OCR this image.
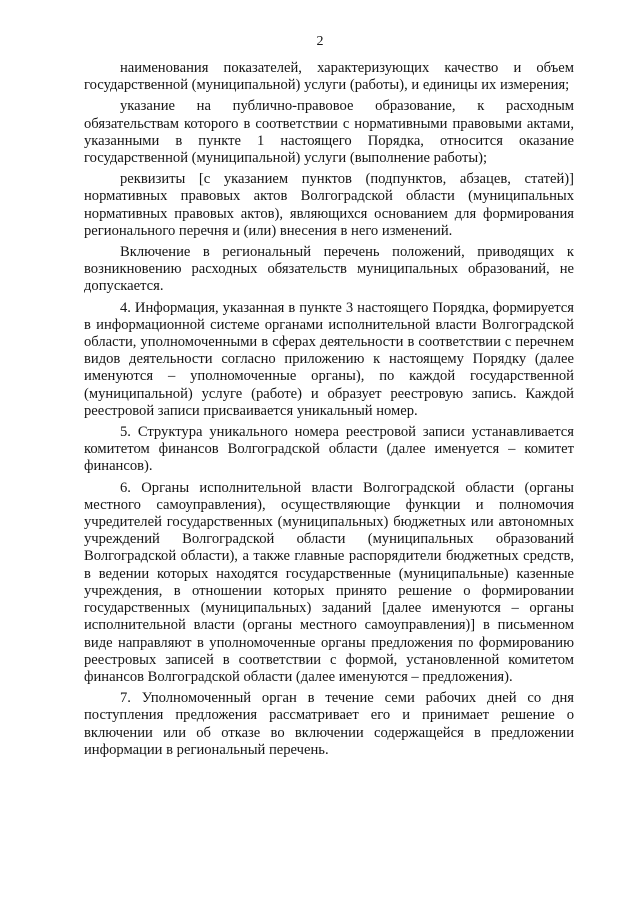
2

наименования показателей, характеризующих качество и объем государственной (муниципальной) услуги (работы), и единицы их измерения;

указание на публично-правовое образование, к расходным обязательствам которого в соответствии с нормативными правовыми актами, указанными в пункте 1 настоящего Порядка, относится оказание государственной (муниципальной) услуги (выполнение работы);

реквизиты [с указанием пунктов (подпунктов, абзацев, статей)] нормативных правовых актов Волгоградской области (муниципальных нормативных правовых актов), являющихся основанием для формирования регионального перечня и (или) внесения в него изменений.

Включение в региональный перечень положений, приводящих к возникновению расходных обязательств муниципальных образований, не допускается.

4. Информация, указанная в пункте 3 настоящего Порядка, формируется в информационной системе органами исполнительной власти Волгоградской области, уполномоченными в сферах деятельности в соответствии с перечнем видов деятельности согласно приложению к настоящему Порядку (далее именуются – уполномоченные органы), по каждой государственной (муниципальной) услуге (работе) и образует реестровую запись. Каждой реестровой записи присваивается уникальный номер.

5. Структура уникального номера реестровой записи устанавливается комитетом финансов Волгоградской области (далее именуется – комитет финансов).

6. Органы исполнительной власти Волгоградской области (органы местного самоуправления), осуществляющие функции и полномочия учредителей государственных (муниципальных) бюджетных или автономных учреждений Волгоградской области (муниципальных образований Волгоградской области), а также главные распорядители бюджетных средств, в ведении которых находятся государственные (муниципальные) казенные учреждения, в отношении которых принято решение о формировании государственных (муниципальных) заданий [далее именуются – органы исполнительной власти (органы местного самоуправления)] в письменном виде направляют в уполномоченные органы предложения по формированию реестровых записей в соответствии с формой, установленной комитетом финансов Волгоградской области (далее именуются – предложения).

7. Уполномоченный орган в течение семи рабочих дней со дня поступления предложения рассматривает его и принимает решение о включении или об отказе во включении содержащейся в предложении информации в региональный перечень.
